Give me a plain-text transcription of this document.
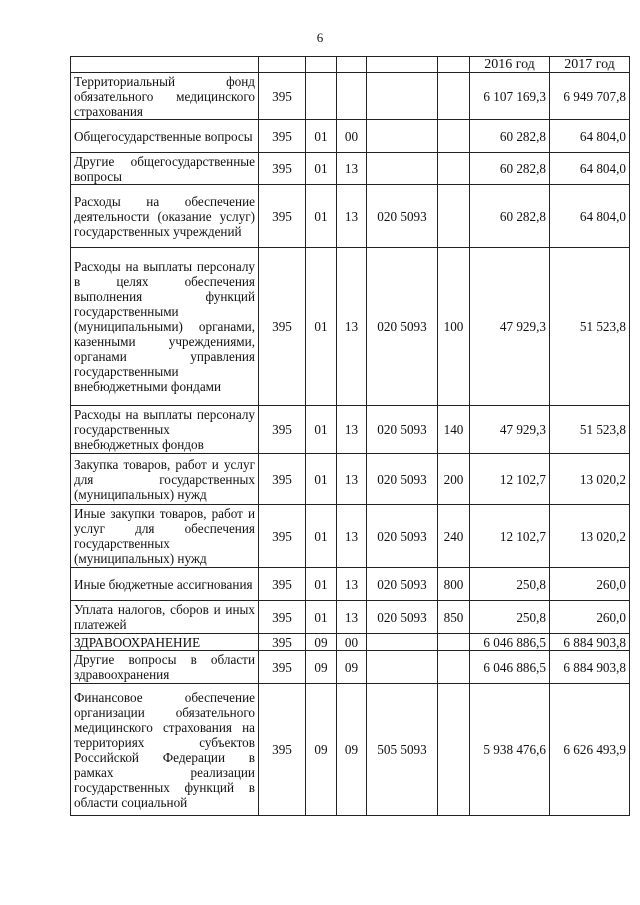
6
						2016 год	2017 год
Территориальный фонд обязательного медицинского страхования	395					6 107 169,3	6 949 707,8
Общегосударственные вопросы	395	01	00			60 282,8	64 804,0
Другие общегосударственные вопросы	395	01	13			60 282,8	64 804,0
Расходы на обеспечение деятельности (оказание услуг) государственных учреждений	395	01	13	020 5093		60 282,8	64 804,0
Расходы на выплаты персоналу в целях обеспечения выполнения функций государственными (муниципальными) органами, казенными учреждениями, органами управления государственными внебюджетными фондами	395	01	13	020 5093	100	47 929,3	51 523,8
Расходы на выплаты персоналу государственных внебюджетных фондов	395	01	13	020 5093	140	47 929,3	51 523,8
Закупка товаров, работ и услуг для государственных (муниципальных) нужд	395	01	13	020 5093	200	12 102,7	13 020,2
Иные закупки товаров, работ и услуг для обеспечения государственных (муниципальных) нужд	395	01	13	020 5093	240	12 102,7	13 020,2
Иные бюджетные ассигнования	395	01	13	020 5093	800	250,8	260,0
Уплата налогов, сборов и иных платежей	395	01	13	020 5093	850	250,8	260,0
ЗДРАВООХРАНЕНИЕ	395	09	00			6 046 886,5	6 884 903,8
Другие вопросы в области здравоохранения	395	09	09			6 046 886,5	6 884 903,8
Финансовое обеспечение организации обязательного медицинского страхования на территориях субъектов Российской Федерации в рамках реализации государственных функций в области социальной	395	09	09	505 5093		5 938 476,6	6 626 493,9
